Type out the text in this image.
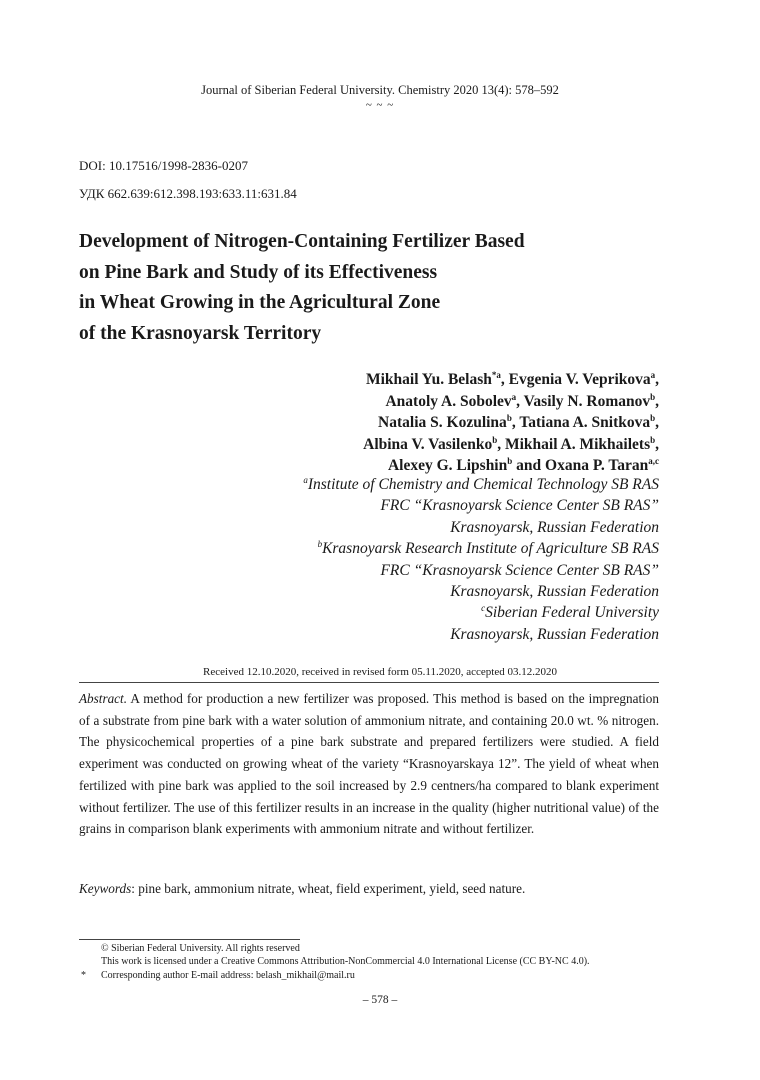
Journal of Siberian Federal University. Chemistry 2020 13(4): 578–592
~ ~ ~
DOI: 10.17516/1998-2836-0207
УДК 662.639:612.398.193:633.11:631.84
Development of Nitrogen-Containing Fertilizer Based
on Pine Bark and Study of its Effectiveness
in Wheat Growing in the Agricultural Zone
of the Krasnoyarsk Territory
Mikhail Yu. Belash$^{*a}$, Evgenia V. Veprikova$^a$,
Anatoly A. Sobolev$^a$, Vasily N. Romanov$^b$,
Natalia S. Kozulina$^b$, Tatiana A. Snitkova$^b$,
Albina V. Vasilenko$^b$, Mikhail A. Mikhailets$^b$,
Alexey G. Lipshin$^b$ and Oxana P. Taran$^{a,c}$
$^a$Institute of Chemistry and Chemical Technology SB RAS
FRC “Krasnoyarsk Science Center SB RAS”
Krasnoyarsk, Russian Federation
$^b$Krasnoyarsk Research Institute of Agriculture SB RAS
FRC “Krasnoyarsk Science Center SB RAS”
Krasnoyarsk, Russian Federation
$^c$Siberian Federal University
Krasnoyarsk, Russian Federation
Received 12.10.2020, received in revised form 05.11.2020, accepted 03.12.2020
Abstract. A method for production a new fertilizer was proposed. This method is based on the impregnation of a substrate from pine bark with a water solution of ammonium nitrate, and containing 20.0 wt. % nitrogen. The physicochemical properties of a pine bark substrate and prepared fertilizers were studied. A field experiment was conducted on growing wheat of the variety “Krasnoyarskaya 12”. The yield of wheat when fertilized with pine bark was applied to the soil increased by 2.9 centners/ha compared to blank experiment without fertilizer. The use of this fertilizer results in an increase in the quality (higher nutritional value) of the grains in comparison blank experiments with ammonium nitrate and without fertilizer.
Keywords: pine bark, ammonium nitrate, wheat, field experiment, yield, seed nature.
© Siberian Federal University. All rights reserved
This work is licensed under a Creative Commons Attribution-NonCommercial 4.0 International License (CC BY-NC 4.0).
* Corresponding author E-mail address: belash_mikhail@mail.ru
– 578 –
